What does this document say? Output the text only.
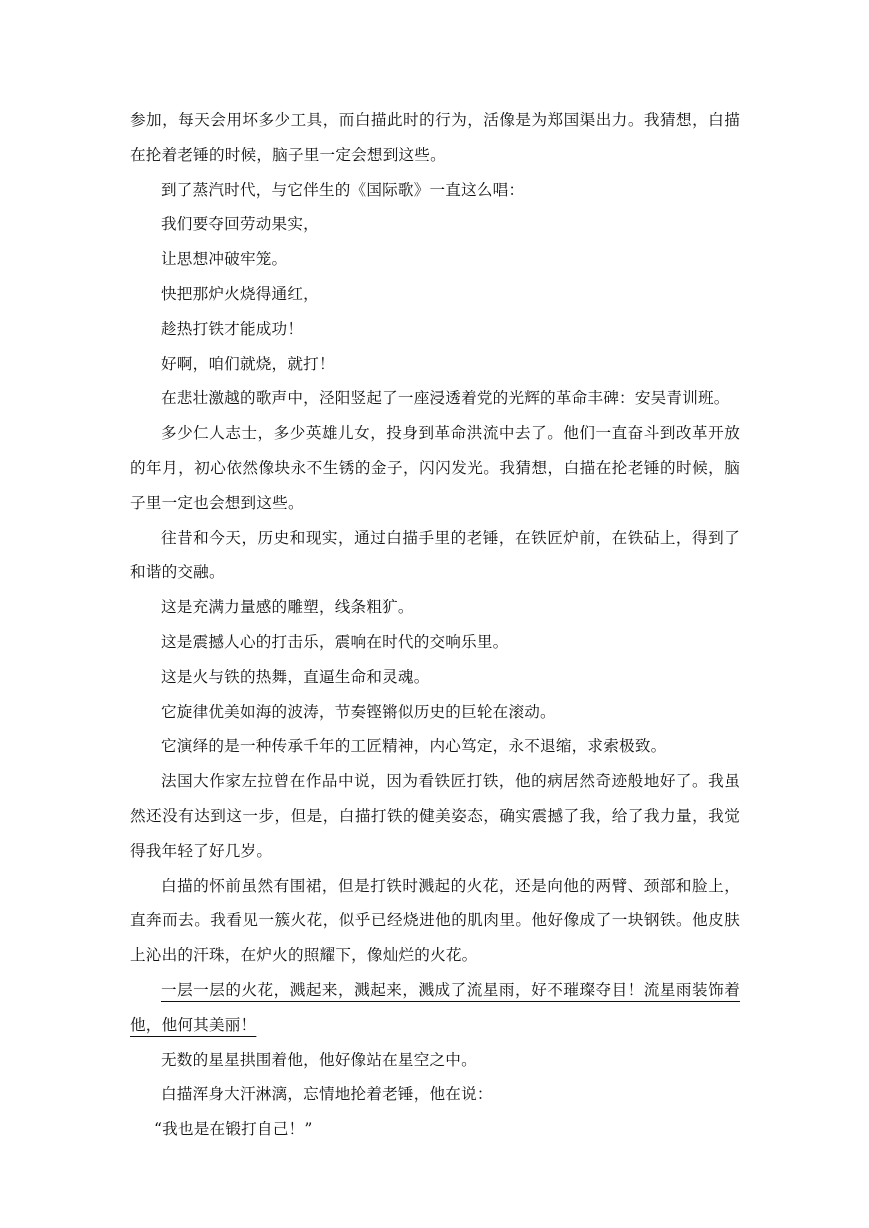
参加，每天会用坏多少工具，而白描此时的行为，活像是为郑国渠出力。我猜想，白描在抡着老锤的时候，脑子里一定会想到这些。

到了蒸汽时代，与它伴生的《国际歌》一直这么唱：

我们要夺回劳动果实，

让思想冲破牢笼。

快把那炉火烧得通红，

趁热打铁才能成功！

好啊，咱们就烧，就打！

在悲壮激越的歌声中，泾阳竖起了一座浸透着党的光辉的革命丰碑：安吴青训班。

多少仁人志士，多少英雄儿女，投身到革命洪流中去了。他们一直奋斗到改革开放的年月，初心依然像块永不生锈的金子，闪闪发光。我猜想，白描在抡老锤的时候，脑子里一定也会想到这些。

往昔和今天，历史和现实，通过白描手里的老锤，在铁匠炉前，在铁砧上，得到了和谐的交融。

这是充满力量感的雕塑，线条粗犷。

这是震撼人心的打击乐，震响在时代的交响乐里。

这是火与铁的热舞，直逼生命和灵魂。

它旋律优美如海的波涛，节奏铿锵似历史的巨轮在滚动。

它演绎的是一种传承千年的工匠精神，内心笃定，永不退缩，求索极致。

法国大作家左拉曾在作品中说，因为看铁匠打铁，他的病居然奇迹般地好了。我虽然还没有达到这一步，但是，白描打铁的健美姿态，确实震撼了我，给了我力量，我觉得我年轻了好几岁。

白描的怀前虽然有围裙，但是打铁时溅起的火花，还是向他的两臂、颈部和脸上，直奔而去。我看见一簇火花，似乎已经烧进他的肌肉里。他好像成了一块钢铁。他皮肤上沁出的汗珠，在炉火的照耀下，像灿烂的火花。

一层一层的火花，溅起来，溅起来，溅成了流星雨，好不璀璨夺目！流星雨装饰着他，他何其美丽！

无数的星星拱围着他，他好像站在星空之中。

白描浑身大汗淋漓，忘情地抡着老锤，他在说：

“我也是在锻打自己！”
